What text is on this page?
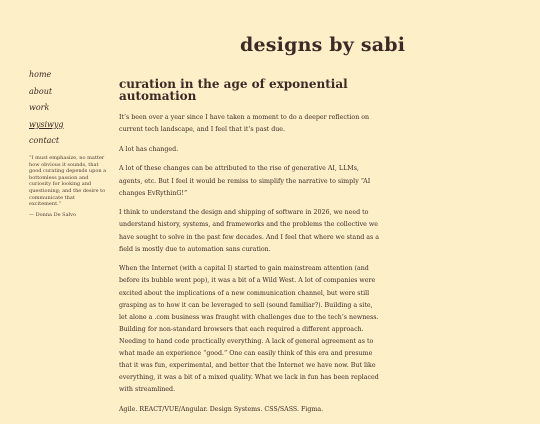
designs by sabi
home
about
work
wysiwyg
contact
“I must emphasize, no matter how obvious it sounds, that good curating depends upon a bottomless passion and curiosity for looking and questioning; and the desire to communicate that excitement.”
— Donna De Salvo
curation in the age of exponential automation

It’s been over a year since I have taken a moment to do a deeper reflection on current tech landscape, and I feel that it’s past due.

A lot has changed.

A lot of these changes can be attributed to the rise of generative AI, LLMs, agents, etc. But I feel it would be remiss to simplify the narrative to simply “AI changes EvRythinG!”

I think to understand the design and shipping of software in 2026, we need to understand history, systems, and frameworks and the problems the collective we have sought to solve in the past few decades. And I feel that where we stand as a field is mostly due to automation sans curation.

When the Internet (with a capital I) started to gain mainstream attention (and before its bubble went pop), it was a bit of a Wild West. A lot of companies were excited about the implications of a new communication channel, but were still grasping as to how it can be leveraged to sell (sound familiar?). Building a site, let alone a .com business was fraught with challenges due to the tech’s newness. Building for non-standard browsers that each required a different approach. Needing to hand code practically everything. A lack of general agreement as to what made an experience “good.” One can easily think of this era and presume that it was fun, experimental, and better that the Internet we have now. But like everything, it was a bit of a mixed quality. What we lack in fun has been replaced with streamlined.

Agile. REACT/VUE/Angular. Design Systems. CSS/SASS. Figma.
